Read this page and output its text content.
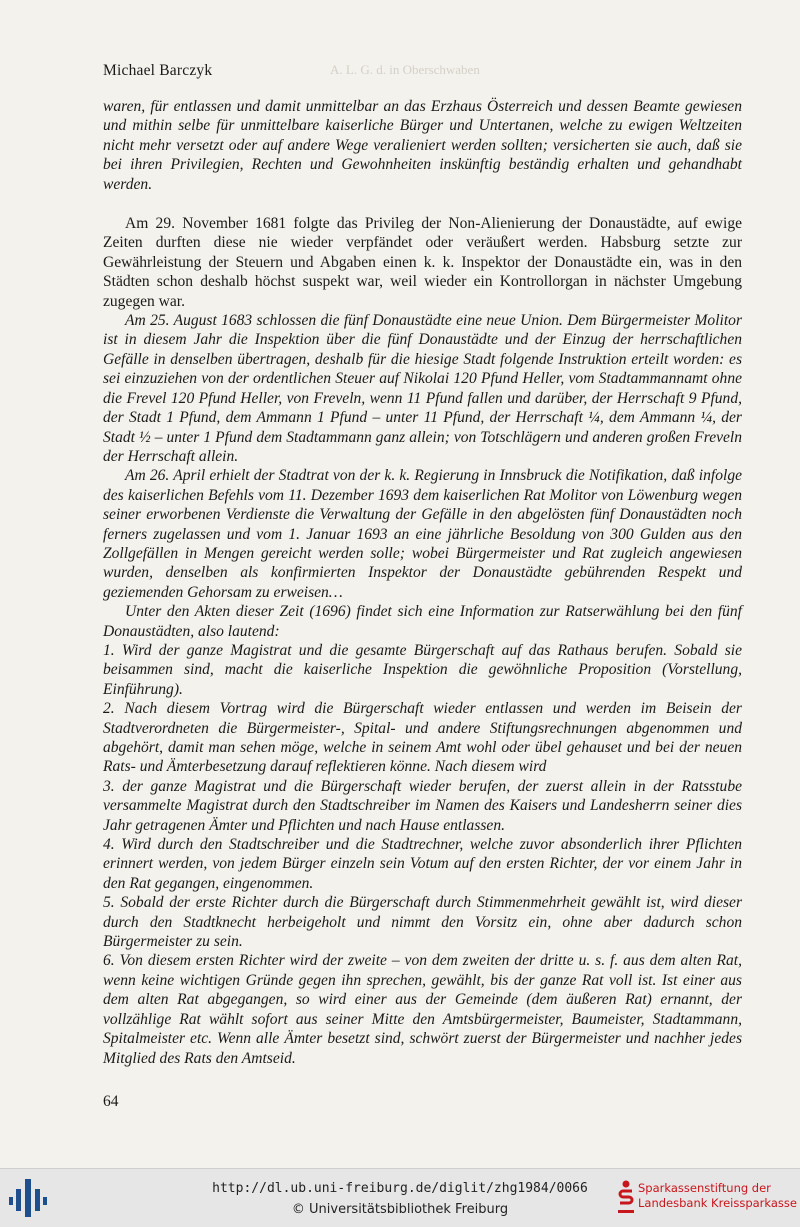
A. L. G. d. in Oberschwaben
Michael Barczyk

waren, für entlassen und damit unmittelbar an das Erzhaus Österreich und dessen Beamte gewiesen und mithin selbe für unmittelbare kaiserliche Bürger und Untertanen, welche zu ewigen Weltzeiten nicht mehr versetzt oder auf andere Wege veralieniert werden sollten; versicherten sie auch, daß sie bei ihren Privilegien, Rechten und Gewohnheiten inskünftig beständig erhalten und gehandhabt werden.

Am 29. November 1681 folgte das Privileg der Non-Alienierung der Donaustädte, auf ewige Zeiten durften diese nie wieder verpfändet oder veräußert werden. Habsburg setzte zur Gewährleistung der Steuern und Abgaben einen k. k. Inspektor der Donaustädte ein, was in den Städten schon deshalb höchst suspekt war, weil wieder ein Kontrollorgan in nächster Umgebung zugegen war.

Am 25. August 1683 schlossen die fünf Donaustädte eine neue Union. Dem Bürgermeister Molitor ist in diesem Jahr die Inspektion über die fünf Donaustädte und der Einzug der herrschaftlichen Gefälle in denselben übertragen, deshalb für die hiesige Stadt folgende Instruktion erteilt worden: es sei einzuziehen von der ordentlichen Steuer auf Nikolai 120 Pfund Heller, vom Stadtammannamt ohne die Frevel 120 Pfund Heller, von Freveln, wenn 11 Pfund fallen und darüber, der Herrschaft 9 Pfund, der Stadt 1 Pfund, dem Ammann 1 Pfund – unter 11 Pfund, der Herrschaft ¼, dem Ammann ¼, der Stadt ½ – unter 1 Pfund dem Stadtammann ganz allein; von Totschlägern und anderen großen Freveln der Herrschaft allein.

Am 26. April erhielt der Stadtrat von der k. k. Regierung in Innsbruck die Notifikation, daß infolge des kaiserlichen Befehls vom 11. Dezember 1693 dem kaiserlichen Rat Molitor von Löwenburg wegen seiner erworbenen Verdienste die Verwaltung der Gefälle in den abgelösten fünf Donaustädten noch ferners zugelassen und vom 1. Januar 1693 an eine jährliche Besoldung von 300 Gulden aus den Zollgefällen in Mengen gereicht werden solle; wobei Bürgermeister und Rat zugleich angewiesen wurden, denselben als konfirmierten Inspektor der Donaustädte gebührenden Respekt und geziemenden Gehorsam zu erweisen…

Unter den Akten dieser Zeit (1696) findet sich eine Information zur Ratserwählung bei den fünf Donaustädten, also lautend:

1. Wird der ganze Magistrat und die gesamte Bürgerschaft auf das Rathaus berufen. Sobald sie beisammen sind, macht die kaiserliche Inspektion die gewöhnliche Proposition (Vorstellung, Einführung).

2. Nach diesem Vortrag wird die Bürgerschaft wieder entlassen und werden im Beisein der Stadtverordneten die Bürgermeister-, Spital- und andere Stiftungsrechnungen abgenommen und abgehört, damit man sehen möge, welche in seinem Amt wohl oder übel gehauset und bei der neuen Rats- und Ämterbesetzung darauf reflektieren könne. Nach diesem wird

3. der ganze Magistrat und die Bürgerschaft wieder berufen, der zuerst allein in der Ratsstube versammelte Magistrat durch den Stadtschreiber im Namen des Kaisers und Landesherrn seiner dies Jahr getragenen Ämter und Pflichten und nach Hause entlassen.

4. Wird durch den Stadtschreiber und die Stadtrechner, welche zuvor absonderlich ihrer Pflichten erinnert werden, von jedem Bürger einzeln sein Votum auf den ersten Richter, der vor einem Jahr in den Rat gegangen, eingenommen.

5. Sobald der erste Richter durch die Bürgerschaft durch Stimmenmehrheit gewählt ist, wird dieser durch den Stadtknecht herbeigeholt und nimmt den Vorsitz ein, ohne aber dadurch schon Bürgermeister zu sein.

6. Von diesem ersten Richter wird der zweite – von dem zweiten der dritte u. s. f. aus dem alten Rat, wenn keine wichtigen Gründe gegen ihn sprechen, gewählt, bis der ganze Rat voll ist. Ist einer aus dem alten Rat abgegangen, so wird einer aus der Gemeinde (dem äußeren Rat) ernannt, der vollzählige Rat wählt sofort aus seiner Mitte den Amtsbürgermeister, Baumeister, Stadtammann, Spitalmeister etc. Wenn alle Ämter besetzt sind, schwört zuerst der Bürgermeister und nachher jedes Mitglied des Rats den Amtseid.

64
http://dl.ub.uni-freiburg.de/diglit/zhg1984/0066
© Universitätsbibliothek Freiburg
Sparkassenstiftung der
Landesbank Kreissparkasse
